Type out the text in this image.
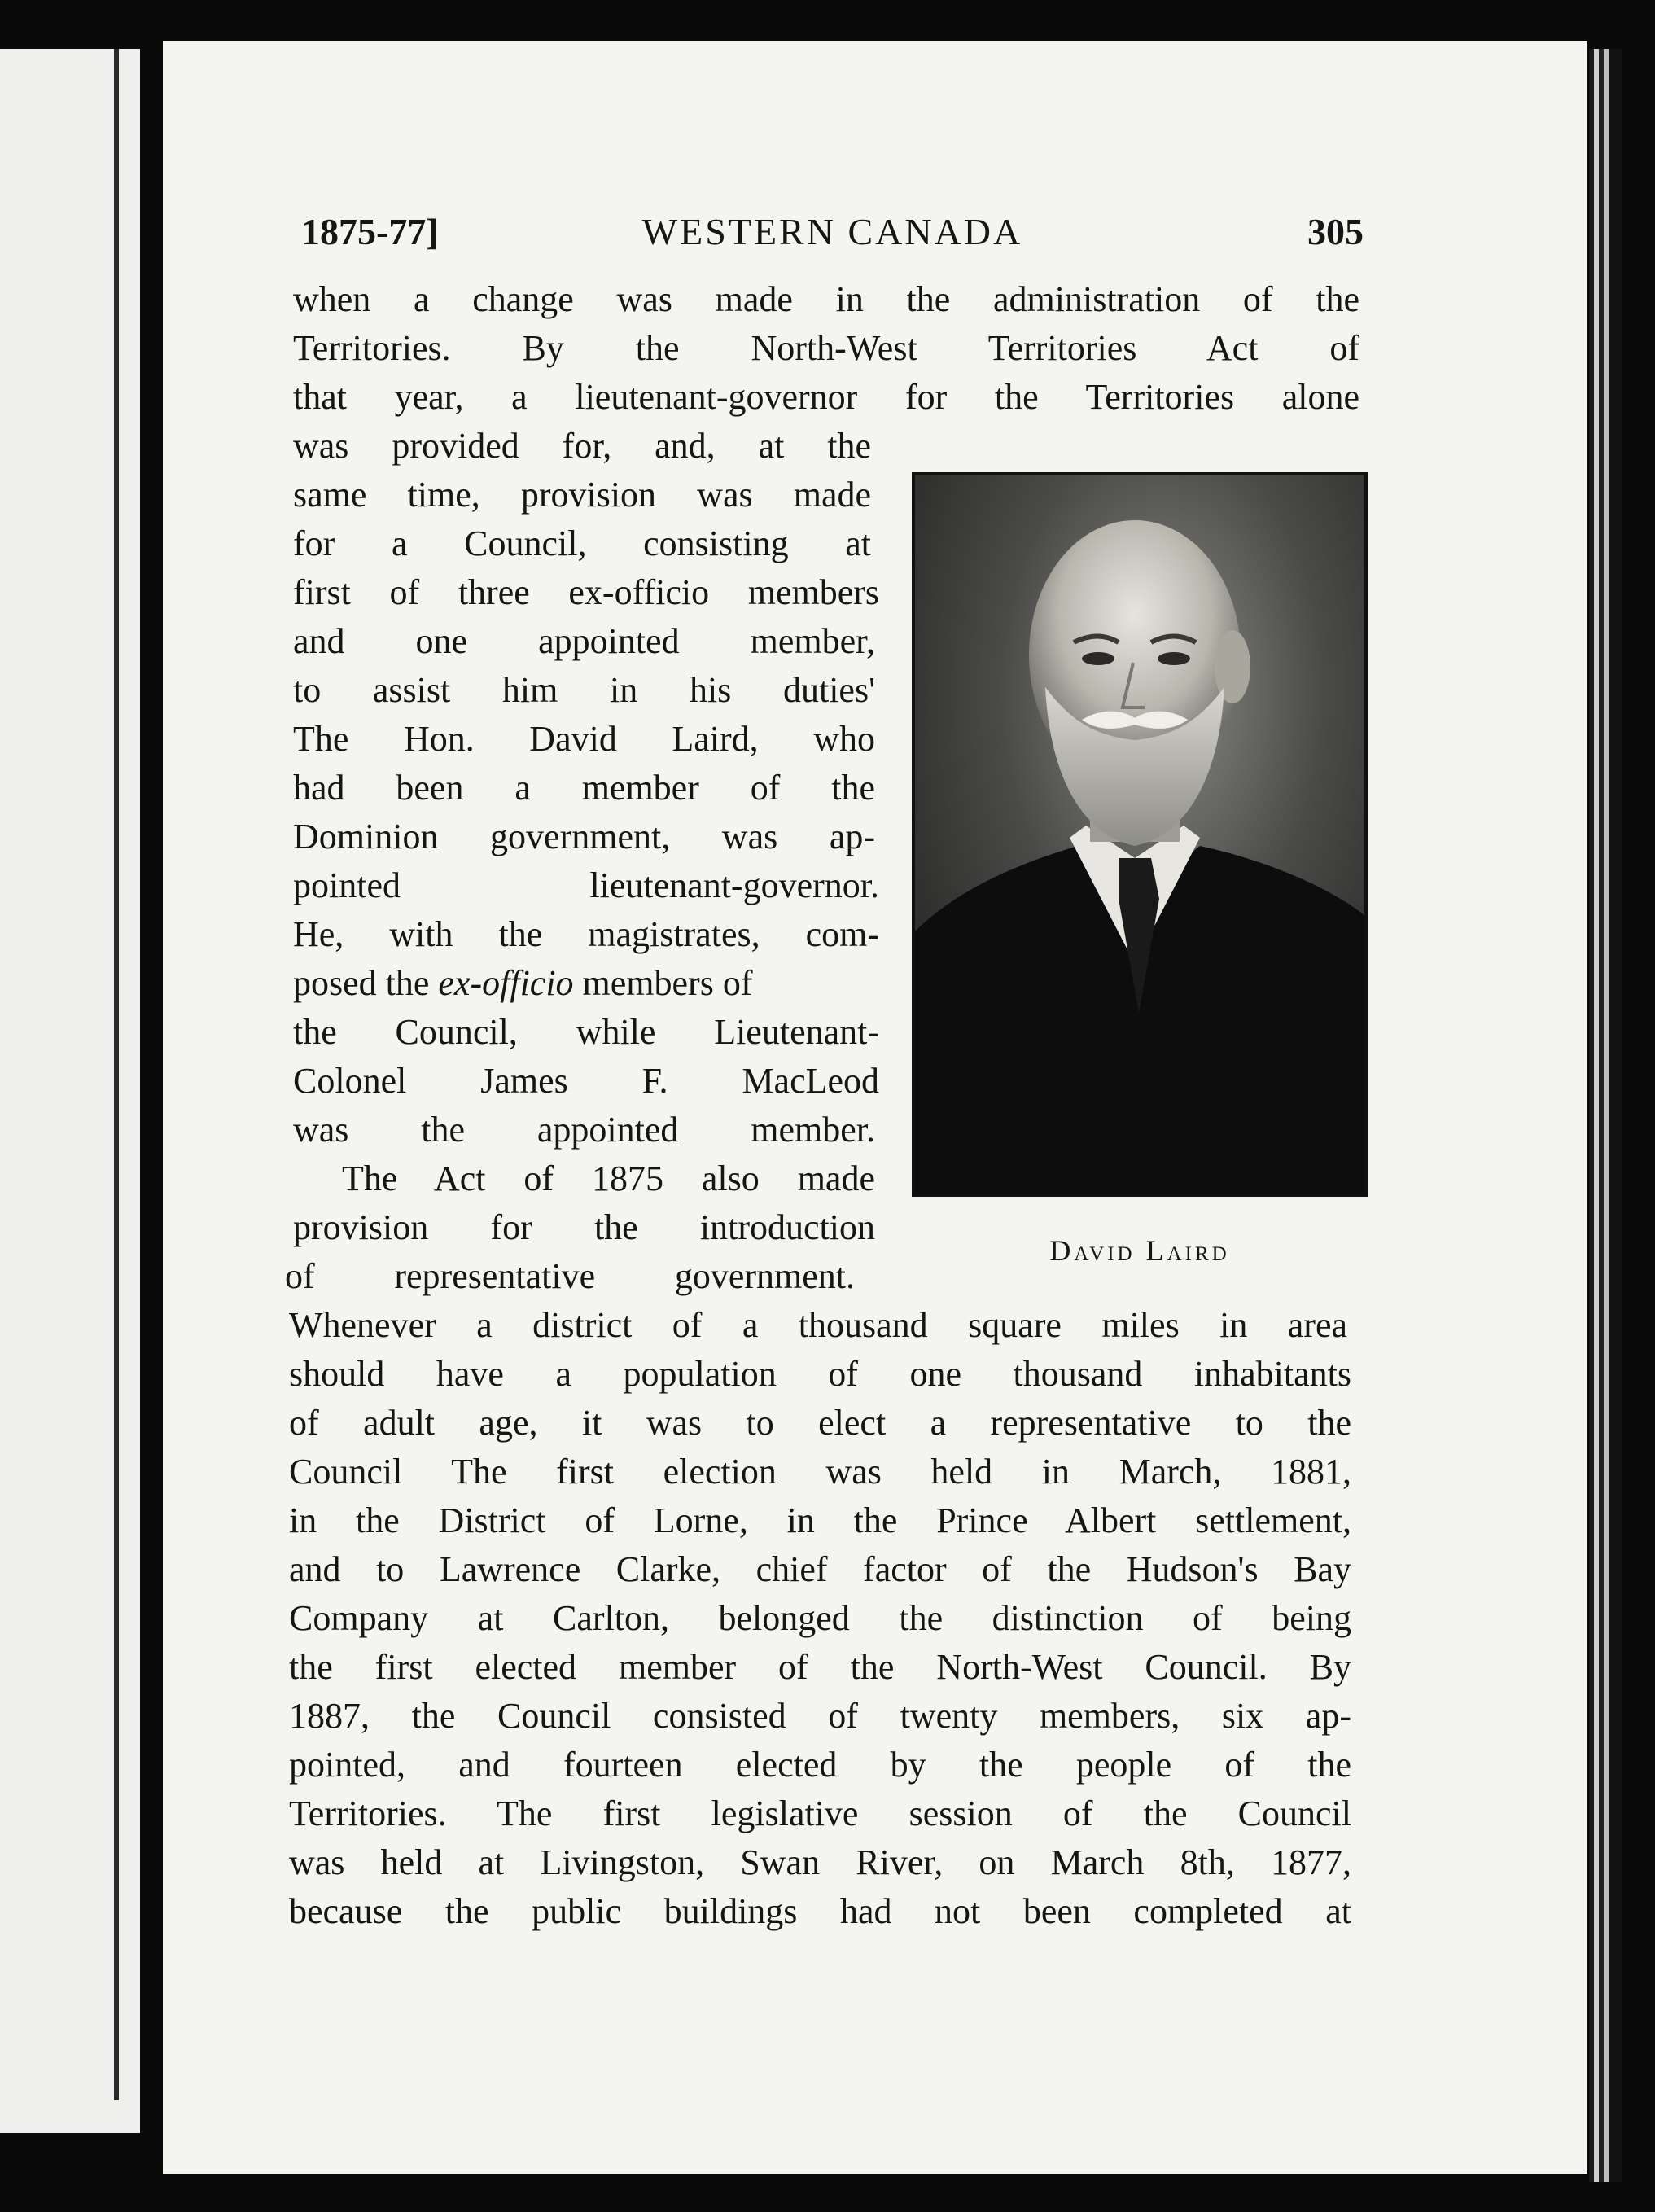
1875-77]	WESTERN CANADA	305
when a change was made in the administration of the
Territories. By the North-West Territories Act of
that year, a lieutenant-governor for the Territories alone
was provided for, and, at the
same time, provision was made
for a Council, consisting at
first of three ex-officio members
and one appointed member,
to assist him in his duties'
The Hon. David Laird, who
had been a member of the
Dominion government, was ap-
pointed lieutenant-governor.
He, with the magistrates, com-
posed the ex-officio members of
the Council, while Lieutenant-
Colonel James F. MacLeod
was the appointed member.
The Act of 1875 also made
provision for the introduction
of representative government.
Whenever a district of a thousand square miles in area
should have a population of one thousand inhabitants
of adult age, it was to elect a representative to the
Council The first election was held in March, 1881,
in the District of Lorne, in the Prince Albert settlement,
and to Lawrence Clarke, chief factor of the Hudson's Bay
Company at Carlton, belonged the distinction of being
the first elected member of the North-West Council. By
1887, the Council consisted of twenty members, six ap-
pointed, and fourteen elected by the people of the
Territories. The first legislative session of the Council
was held at Livingston, Swan River, on March 8th, 1877,
because the public buildings had not been completed at
David Laird
